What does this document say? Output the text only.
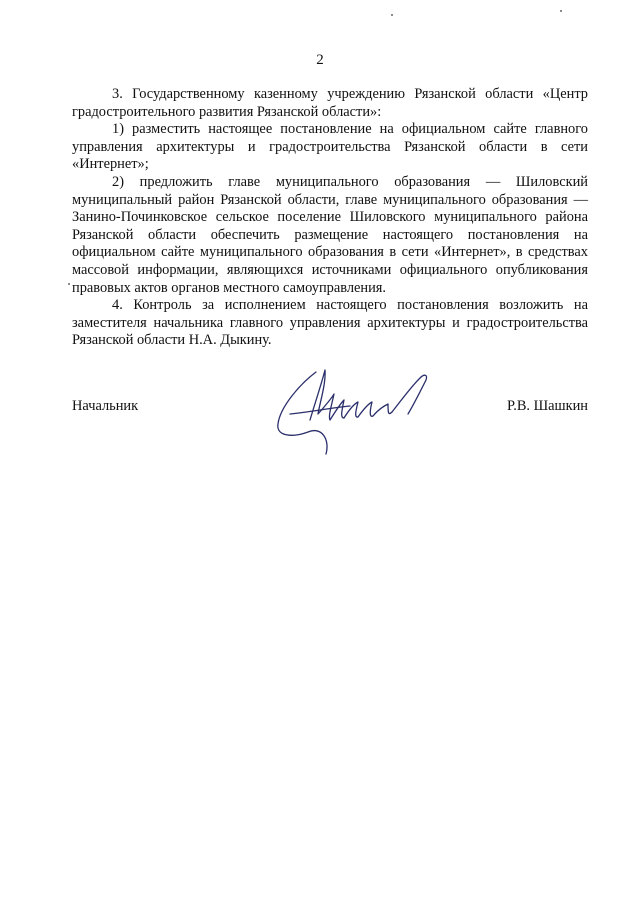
2

3. Государственному казенному учреждению Рязанской области «Центр градостроительного развития Рязанской области»:

1) разместить настоящее постановление на официальном сайте главного управления архитектуры и градостроительства Рязанской области в сети «Интернет»;

2) предложить главе муниципального образования — Шиловский муниципальный район Рязанской области, главе муниципального образования — Занино-Починковское сельское поселение Шиловского муниципального района Рязанской области обеспечить размещение настоящего постановления на официальном сайте муниципального образования в сети «Интернет», в средствах массовой информации, являющихся источниками официального опубликования правовых актов органов местного самоуправления.

4. Контроль за исполнением настоящего постановления возложить на заместителя начальника главного управления архитектуры и градостроительства Рязанской области Н.А. Дыкину.

Начальник	Р.В. Шашкин
